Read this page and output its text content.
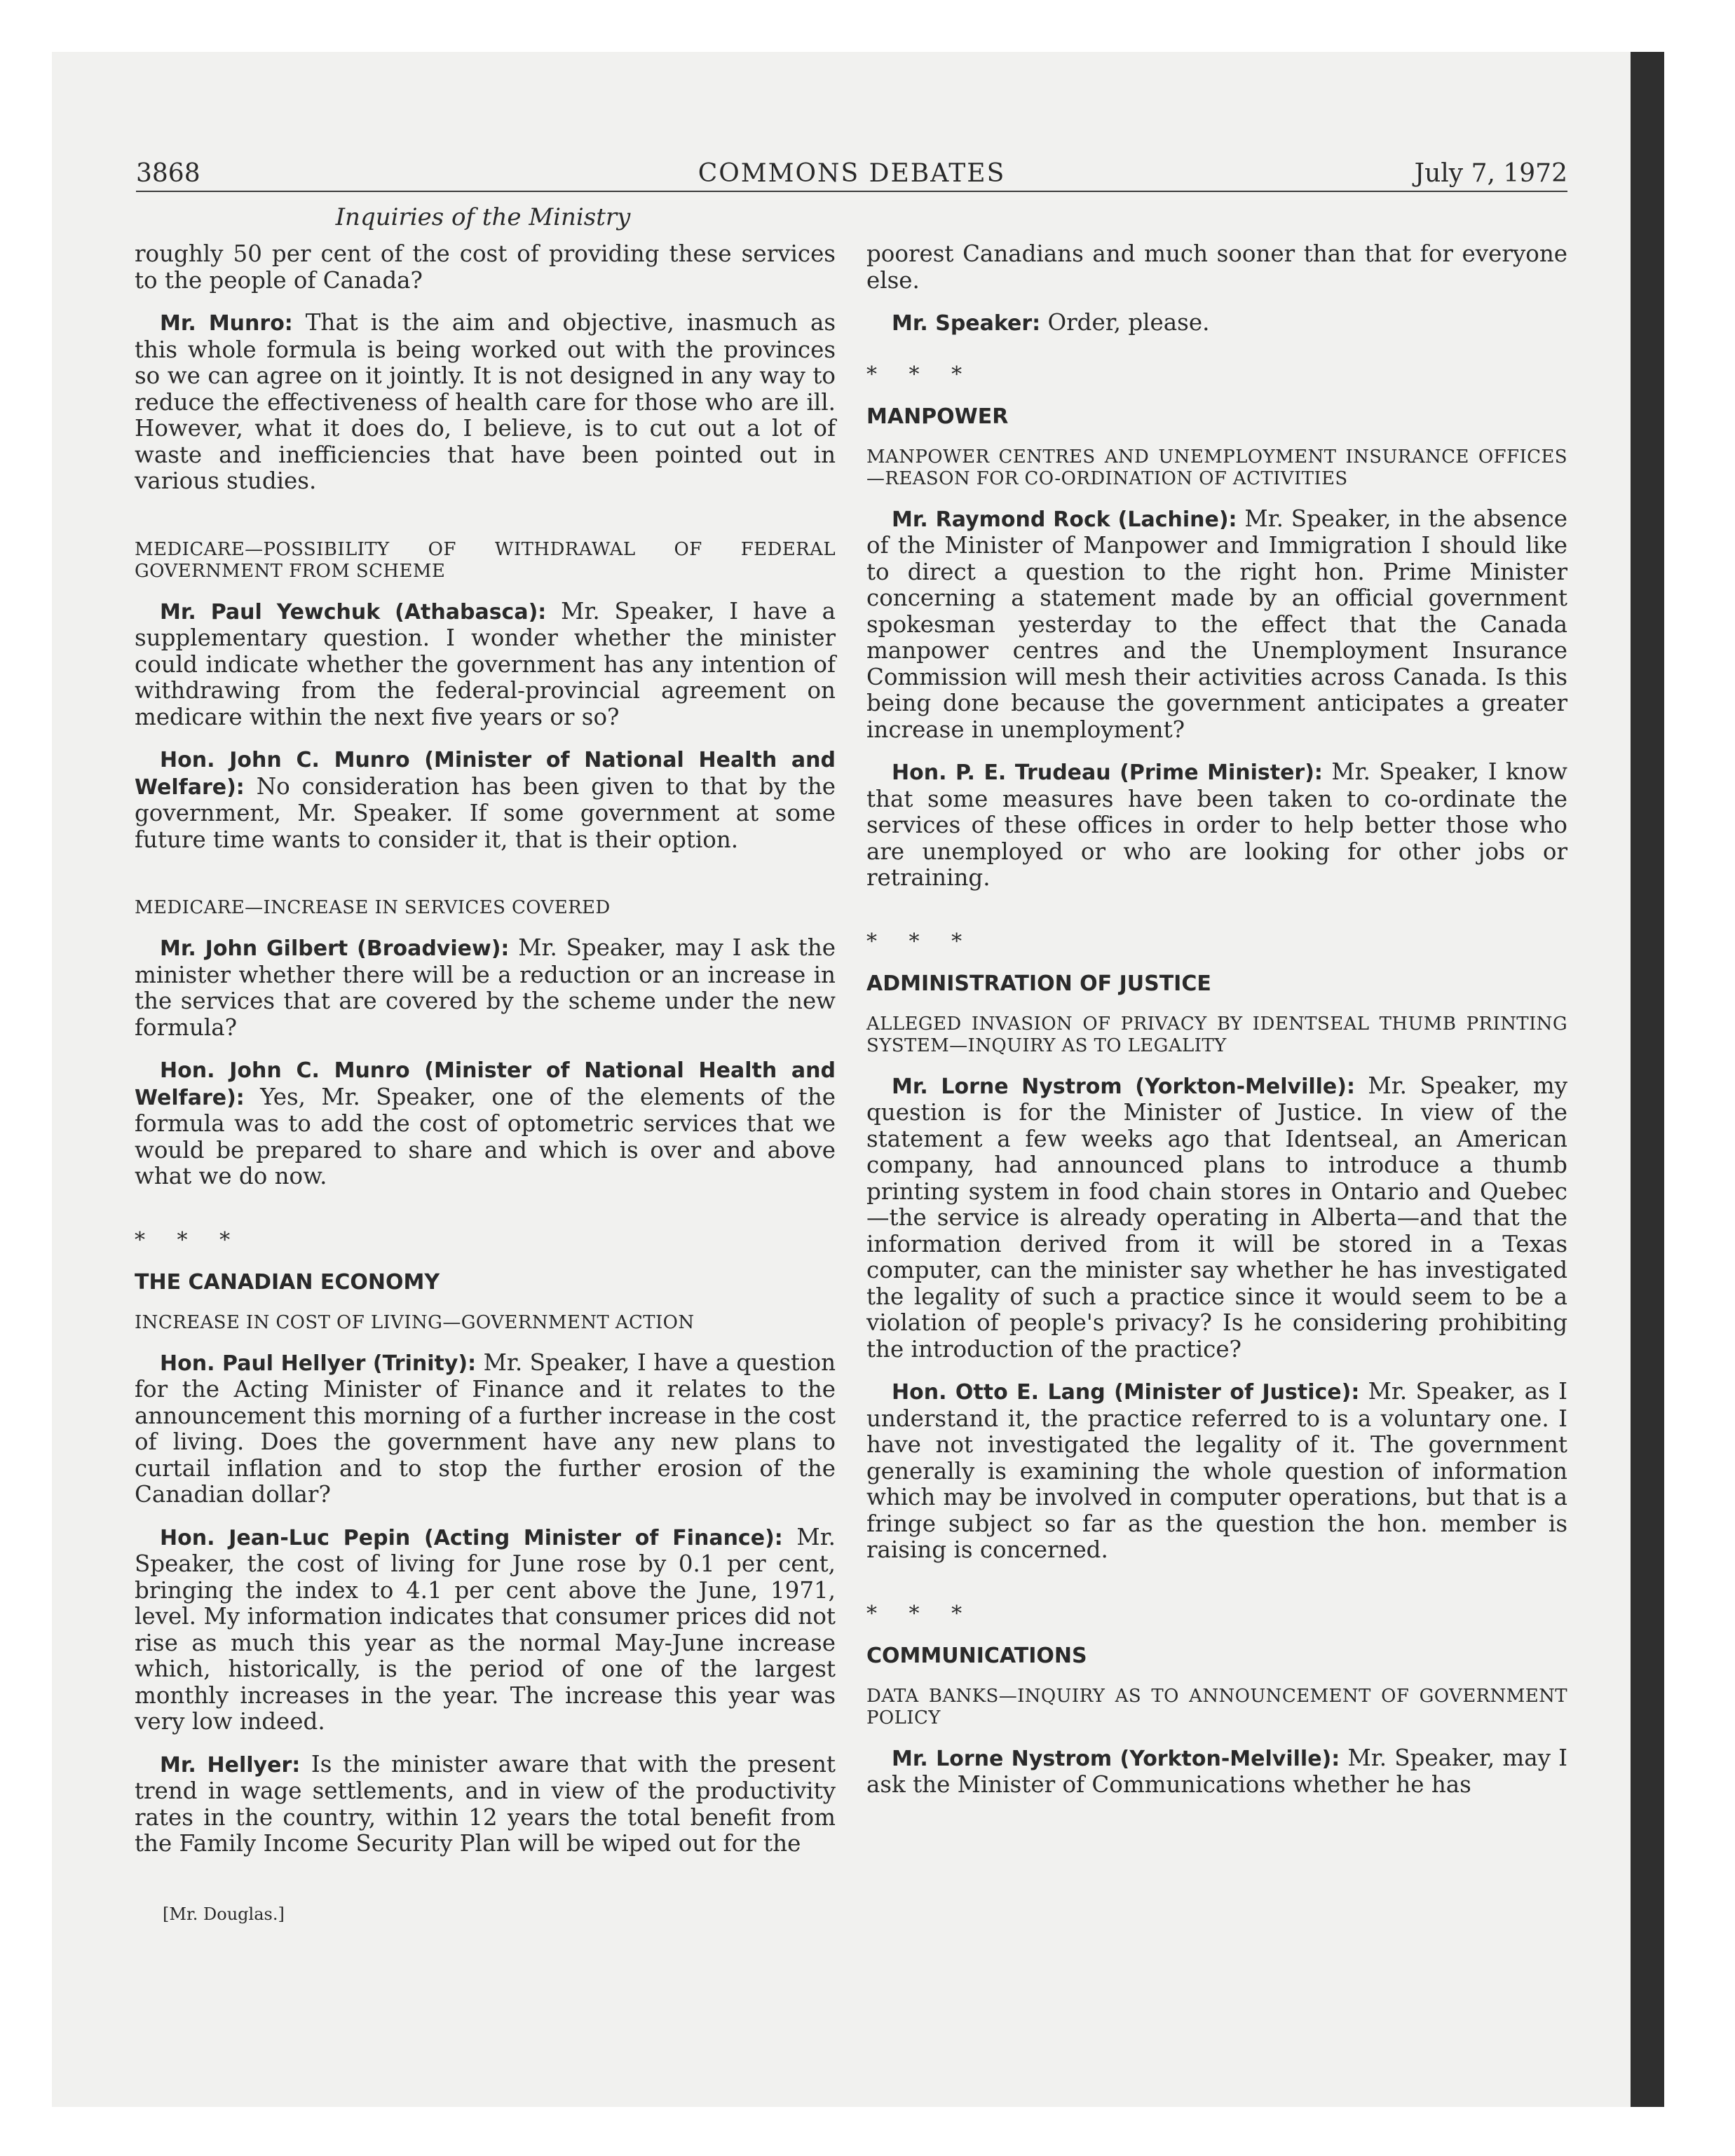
3868	COMMONS DEBATES	July 7, 1972
Inquiries of the Ministry

roughly 50 per cent of the cost of providing these services to the people of Canada?

Mr. Munro: That is the aim and objective, inasmuch as this whole formula is being worked out with the provinces so we can agree on it jointly. It is not designed in any way to reduce the effectiveness of health care for those who are ill. However, what it does do, I believe, is to cut out a lot of waste and inefficiencies that have been pointed out in various studies.

MEDICARE—POSSIBILITY OF WITHDRAWAL OF FEDERAL GOVERNMENT FROM SCHEME

Mr. Paul Yewchuk (Athabasca): Mr. Speaker, I have a supplementary question. I wonder whether the minister could indicate whether the government has any intention of withdrawing from the federal-provincial agreement on medicare within the next five years or so?

Hon. John C. Munro (Minister of National Health and Welfare): No consideration has been given to that by the government, Mr. Speaker. If some government at some future time wants to consider it, that is their option.

MEDICARE—INCREASE IN SERVICES COVERED

Mr. John Gilbert (Broadview): Mr. Speaker, may I ask the minister whether there will be a reduction or an increase in the services that are covered by the scheme under the new formula?

Hon. John C. Munro (Minister of National Health and Welfare): Yes, Mr. Speaker, one of the elements of the formula was to add the cost of optometric services that we would be prepared to share and which is over and above what we do now.

* * *

THE CANADIAN ECONOMY

INCREASE IN COST OF LIVING—GOVERNMENT ACTION

Hon. Paul Hellyer (Trinity): Mr. Speaker, I have a question for the Acting Minister of Finance and it relates to the announcement this morning of a further increase in the cost of living. Does the government have any new plans to curtail inflation and to stop the further erosion of the Canadian dollar?

Hon. Jean-Luc Pepin (Acting Minister of Finance): Mr. Speaker, the cost of living for June rose by 0.1 per cent, bringing the index to 4.1 per cent above the June, 1971, level. My information indicates that consumer prices did not rise as much this year as the normal May-June increase which, historically, is the period of one of the largest monthly increases in the year. The increase this year was very low indeed.

Mr. Hellyer: Is the minister aware that with the present trend in wage settlements, and in view of the productivity rates in the country, within 12 years the total benefit from the Family Income Security Plan will be wiped out for the

[Mr. Douglas.]

poorest Canadians and much sooner than that for everyone else.

Mr. Speaker: Order, please.

* * *

MANPOWER

MANPOWER CENTRES AND UNEMPLOYMENT INSURANCE OFFICES—REASON FOR CO-ORDINATION OF ACTIVITIES

Mr. Raymond Rock (Lachine): Mr. Speaker, in the absence of the Minister of Manpower and Immigration I should like to direct a question to the right hon. Prime Minister concerning a statement made by an official government spokesman yesterday to the effect that the Canada manpower centres and the Unemployment Insurance Commission will mesh their activities across Canada. Is this being done because the government anticipates a greater increase in unemployment?

Hon. P. E. Trudeau (Prime Minister): Mr. Speaker, I know that some measures have been taken to co-ordinate the services of these offices in order to help better those who are unemployed or who are looking for other jobs or retraining.

* * *

ADMINISTRATION OF JUSTICE

ALLEGED INVASION OF PRIVACY BY IDENTSEAL THUMB PRINTING SYSTEM—INQUIRY AS TO LEGALITY

Mr. Lorne Nystrom (Yorkton-Melville): Mr. Speaker, my question is for the Minister of Justice. In view of the statement a few weeks ago that Identseal, an American company, had announced plans to introduce a thumb printing system in food chain stores in Ontario and Quebec—the service is already operating in Alberta—and that the information derived from it will be stored in a Texas computer, can the minister say whether he has investigated the legality of such a practice since it would seem to be a violation of people's privacy? Is he considering prohibiting the introduction of the practice?

Hon. Otto E. Lang (Minister of Justice): Mr. Speaker, as I understand it, the practice referred to is a voluntary one. I have not investigated the legality of it. The government generally is examining the whole question of information which may be involved in computer operations, but that is a fringe subject so far as the question the hon. member is raising is concerned.

* * *

COMMUNICATIONS

DATA BANKS—INQUIRY AS TO ANNOUNCEMENT OF GOVERNMENT POLICY

Mr. Lorne Nystrom (Yorkton-Melville): Mr. Speaker, may I ask the Minister of Communications whether he has
